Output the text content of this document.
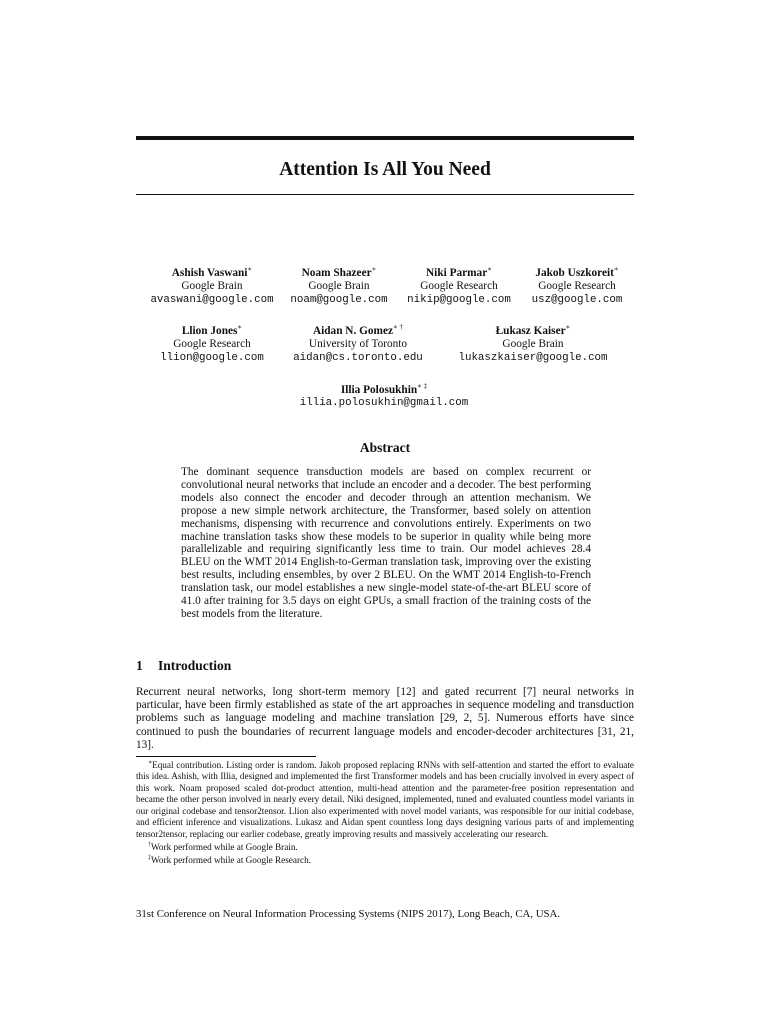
Attention Is All You Need
Ashish Vaswani∗
Google Brain
avaswani@google.com
Noam Shazeer∗
Google Brain
noam@google.com
Niki Parmar∗
Google Research
nikip@google.com
Jakob Uszkoreit∗
Google Research
usz@google.com
Llion Jones∗
Google Research
llion@google.com
Aidan N. Gomez∗ †
University of Toronto
aidan@cs.toronto.edu
Łukasz Kaiser∗
Google Brain
lukaszkaiser@google.com
Illia Polosukhin∗ ‡
illia.polosukhin@gmail.com
Abstract
The dominant sequence transduction models are based on complex recurrent or convolutional neural networks that include an encoder and a decoder. The best performing models also connect the encoder and decoder through an attention mechanism. We propose a new simple network architecture, the Transformer, based solely on attention mechanisms, dispensing with recurrence and convolutions entirely. Experiments on two machine translation tasks show these models to be superior in quality while being more parallelizable and requiring significantly less time to train. Our model achieves 28.4 BLEU on the WMT 2014 English-to-German translation task, improving over the existing best results, including ensembles, by over 2 BLEU. On the WMT 2014 English-to-French translation task, our model establishes a new single-model state-of-the-art BLEU score of 41.0 after training for 3.5 days on eight GPUs, a small fraction of the training costs of the best models from the literature.
1 Introduction
Recurrent neural networks, long short-term memory [12] and gated recurrent [7] neural networks in particular, have been firmly established as state of the art approaches in sequence modeling and transduction problems such as language modeling and machine translation [29, 2, 5]. Numerous efforts have since continued to push the boundaries of recurrent language models and encoder-decoder architectures [31, 21, 13].

∗Equal contribution. Listing order is random. Jakob proposed replacing RNNs with self-attention and started the effort to evaluate this idea. Ashish, with Illia, designed and implemented the first Transformer models and has been crucially involved in every aspect of this work. Noam proposed scaled dot-product attention, multi-head attention and the parameter-free position representation and became the other person involved in nearly every detail. Niki designed, implemented, tuned and evaluated countless model variants in our original codebase and tensor2tensor. Llion also experimented with novel model variants, was responsible for our initial codebase, and efficient inference and visualizations. Lukasz and Aidan spent countless long days designing various parts of and implementing tensor2tensor, replacing our earlier codebase, greatly improving results and massively accelerating our research.

†Work performed while at Google Brain.

‡Work performed while at Google Research.

31st Conference on Neural Information Processing Systems (NIPS 2017), Long Beach, CA, USA.
